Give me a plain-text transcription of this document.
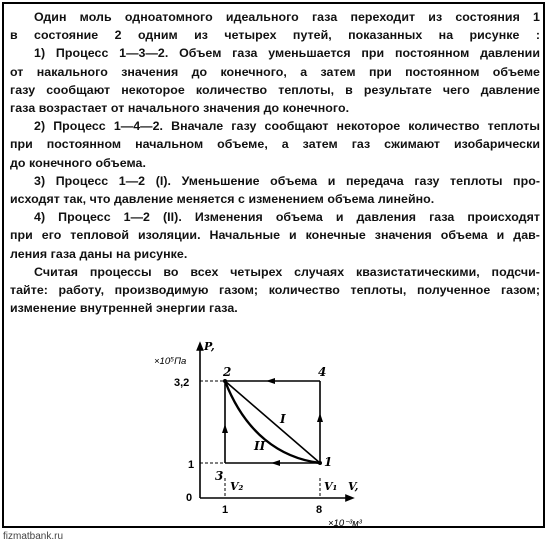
Один моль одноатомного идеального газа переходит из состояния 1
в состояние 2 одним из четырех путей, показанных на рисунке :
1) Процесс 1—3—2. Объем газа уменьшается при постоянном давлении
от накального значения до конечного, а затем при постоянном объеме
газу сообщают некоторое количество теплоты, в результате чего давление
газа возрастает от начального значения до конечного.
2) Процесс 1—4—2. Вначале газу сообщают некоторое количество теплоты
при постоянном начальном объеме, а затем газ сжимают изобарически
до конечного объема.
3) Процесс 1—2 (I). Уменьшение объема и передача газу теплоты про-
исходят так, что давление меняется с изменением объема линейно.
4) Процесс 1—2 (II). Изменения объема и давления газа происходят
при его тепловой изоляции. Начальные и конечные значения объема и дав-
ления газа даны на рисунке.
Считая процессы во всех четырех случаях квазистатическими, подсчи-
тайте: работу, производимую газом; количество теплоты, полученное газом;
изменение внутренней энергии газа.
P,
×10⁵Па
3,2
1
0
1	8
V,
×10⁻³м³
2	4
1
3
I
II
V₂	V₁
fizmatbank.ru
